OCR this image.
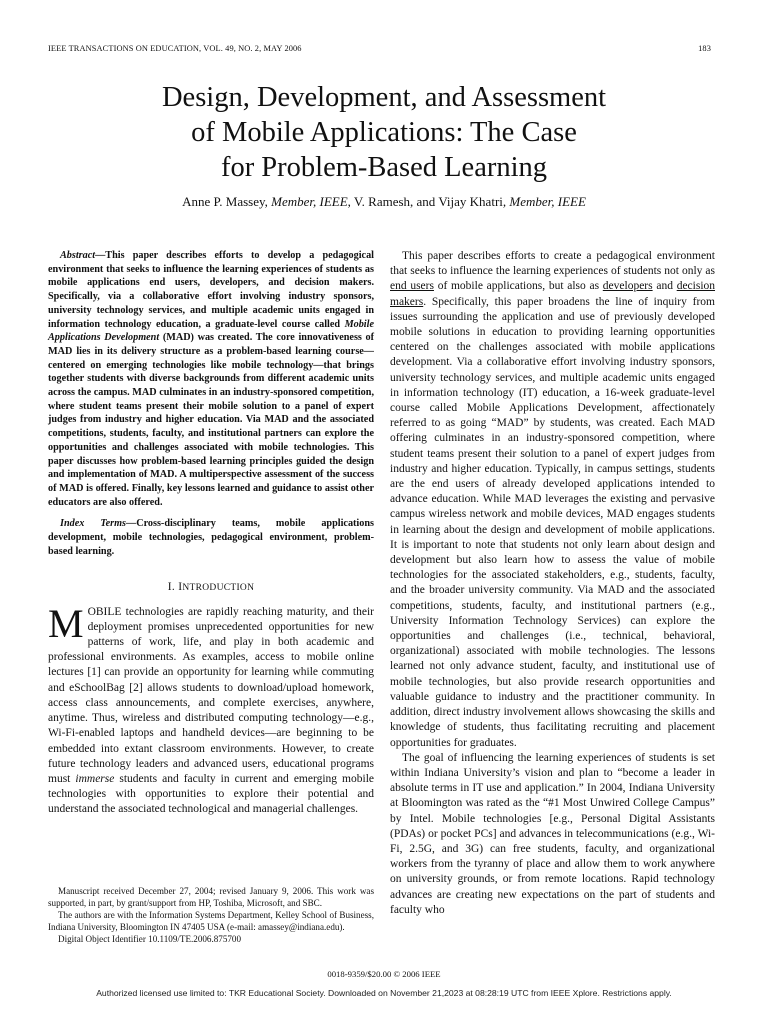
IEEE TRANSACTIONS ON EDUCATION, VOL. 49, NO. 2, MAY 2006	183
Design, Development, and Assessment
of Mobile Applications: The Case
for Problem-Based Learning
Anne P. Massey, Member, IEEE, V. Ramesh, and Vijay Khatri, Member, IEEE

Abstract—This paper describes efforts to develop a pedagogical environment that seeks to influence the learning experiences of students as mobile applications end users, developers, and decision makers. Specifically, via a collaborative effort involving industry sponsors, university technology services, and multiple academic units engaged in information technology education, a graduate-level course called Mobile Applications Development (MAD) was created. The core innovativeness of MAD lies in its delivery structure as a problem-based learning course—centered on emerging technologies like mobile technology—that brings together students with diverse backgrounds from different academic units across the campus. MAD culminates in an industry-sponsored competition, where student teams present their mobile solution to a panel of expert judges from industry and higher education. Via MAD and the associated competitions, students, faculty, and institutional partners can explore the opportunities and challenges associated with mobile technologies. This paper discusses how problem-based learning principles guided the design and implementation of MAD. A multiperspective assessment of the success of MAD is offered. Finally, key lessons learned and guidance to assist other educators are also offered.

Index Terms—Cross-disciplinary teams, mobile applications development, mobile technologies, pedagogical environment, problem-based learning.

I. INTRODUCTION

MOBILE technologies are rapidly reaching maturity, and their deployment promises unprecedented opportunities for new patterns of work, life, and play in both academic and professional environments. As examples, access to mobile online lectures [1] can provide an opportunity for learning while commuting and eSchoolBag [2] allows students to download/upload homework, access class announcements, and complete exercises, anywhere, anytime. Thus, wireless and distributed computing technology—e.g., Wi-Fi-enabled laptops and handheld devices—are beginning to be embedded into extant classroom environments. However, to create future technology leaders and advanced users, educational programs must immerse students and faculty in current and emerging mobile technologies with opportunities to explore their potential and understand the associated technological and managerial challenges.

Manuscript received December 27, 2004; revised January 9, 2006. This work was supported, in part, by grant/support from HP, Toshiba, Microsoft, and SBC.

The authors are with the Information Systems Department, Kelley School of Business, Indiana University, Bloomington IN 47405 USA (e-mail: amassey@indiana.edu).

Digital Object Identifier 10.1109/TE.2006.875700

This paper describes efforts to create a pedagogical environment that seeks to influence the learning experiences of students not only as end users of mobile applications, but also as developers and decision makers. Specifically, this paper broadens the line of inquiry from issues surrounding the application and use of previously developed mobile solutions in education to providing learning opportunities centered on the challenges associated with mobile applications development. Via a collaborative effort involving industry sponsors, university technology services, and multiple academic units engaged in information technology (IT) education, a 16-week graduate-level course called Mobile Applications Development, affectionately referred to as going “MAD” by students, was created. Each MAD offering culminates in an industry-sponsored competition, where student teams present their solution to a panel of expert judges from industry and higher education. Typically, in campus settings, students are the end users of already developed applications intended to advance education. While MAD leverages the existing and pervasive campus wireless network and mobile devices, MAD engages students in learning about the design and development of mobile applications. It is important to note that students not only learn about design and development but also learn how to assess the value of mobile technologies for the associated stakeholders, e.g., students, faculty, and the broader university community. Via MAD and the associated competitions, students, faculty, and institutional partners (e.g., University Information Technology Services) can explore the opportunities and challenges (i.e., technical, behavioral, organizational) associated with mobile technologies. The lessons learned not only advance student, faculty, and institutional use of mobile technologies, but also provide research opportunities and valuable guidance to industry and the practitioner community. In addition, direct industry involvement allows showcasing the skills and knowledge of students, thus facilitating recruiting and placement opportunities for graduates.

The goal of influencing the learning experiences of students is set within Indiana University’s vision and plan to “become a leader in absolute terms in IT use and application.” In 2004, Indiana University at Bloomington was rated as the “#1 Most Unwired College Campus” by Intel. Mobile technologies [e.g., Personal Digital Assistants (PDAs) or pocket PCs] and advances in telecommunications (e.g., Wi-Fi, 2.5G, and 3G) can free students, faculty, and organizational workers from the tyranny of place and allow them to work anywhere on university grounds, or from remote locations. Rapid technology advances are creating new expectations on the part of students and faculty who

0018-9359/$20.00 © 2006 IEEE
Authorized licensed use limited to: TKR Educational Society. Downloaded on November 21,2023 at 08:28:19 UTC from IEEE Xplore. Restrictions apply.
